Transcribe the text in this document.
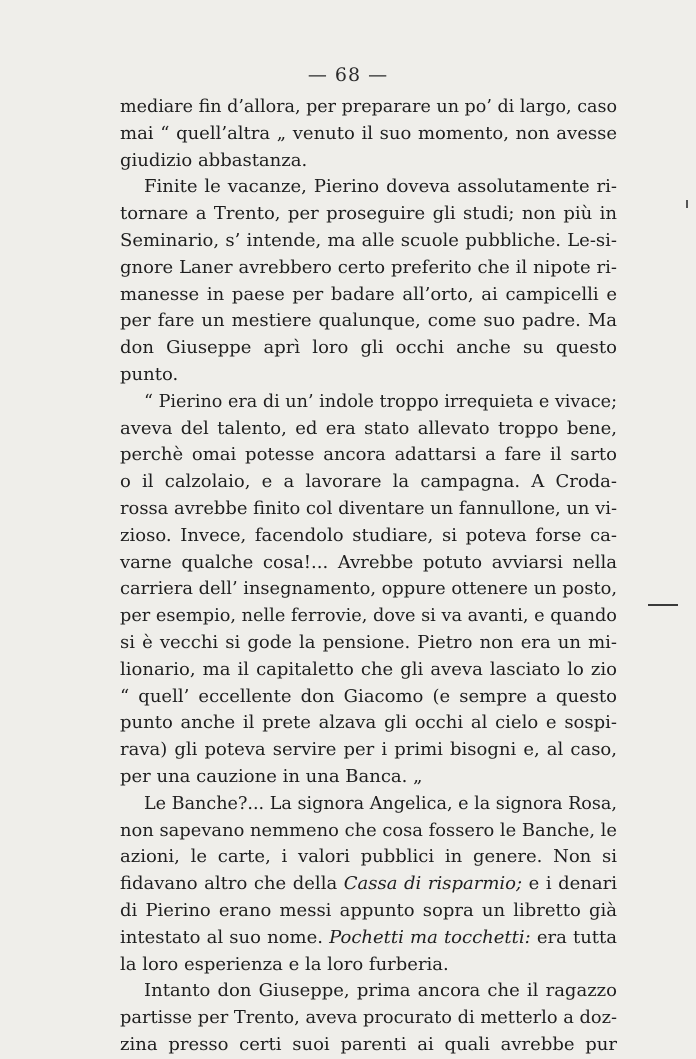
— 68 —
mediare fin d’allora, per preparare un po’ di largo, caso
mai “ quell’altra „ venuto il suo momento, non avesse
giudizio abbastanza.
Finite le vacanze, Pierino doveva assolutamente ri-
tornare a Trento, per proseguire gli studi; non più in
Seminario, s’ intende, ma alle scuole pubbliche. Le-si-
gnore Laner avrebbero certo preferito che il nipote ri-
manesse in paese per badare all’orto, ai campicelli e
per fare un mestiere qualunque, come suo padre. Ma
don Giuseppe aprì loro gli occhi anche su questo
punto.
“ Pierino era di un’ indole troppo irrequieta e vivace;
aveva del talento, ed era stato allevato troppo bene,
perchè omai potesse ancora adattarsi a fare il sarto
o il calzolaio, e a lavorare la campagna. A Croda-
rossa avrebbe finito col diventare un fannullone, un vi-
zioso. Invece, facendolo studiare, si poteva forse ca-
varne qualche cosa!... Avrebbe potuto avviarsi nella
carriera dell’ insegnamento, oppure ottenere un posto,
per esempio, nelle ferrovie, dove si va avanti, e quando
si è vecchi si gode la pensione. Pietro non era un mi-
lionario, ma il capitaletto che gli aveva lasciato lo zio
“ quell’ eccellente don Giacomo (e sempre a questo
punto anche il prete alzava gli occhi al cielo e sospi-
rava) gli poteva servire per i primi bisogni e, al caso,
per una cauzione in una Banca. „
Le Banche?... La signora Angelica, e la signora Rosa,
non sapevano nemmeno che cosa fossero le Banche, le
azioni, le carte, i valori pubblici in genere. Non si
fidavano altro che della Cassa di risparmio; e i denari
di Pierino erano messi appunto sopra un libretto già
intestato al suo nome. Pochetti ma tocchetti: era tutta
la loro esperienza e la loro furberia.
Intanto don Giuseppe, prima ancora che il ragazzo
partisse per Trento, aveva procurato di metterlo a doz-
zina presso certi suoi parenti ai quali avrebbe pur
